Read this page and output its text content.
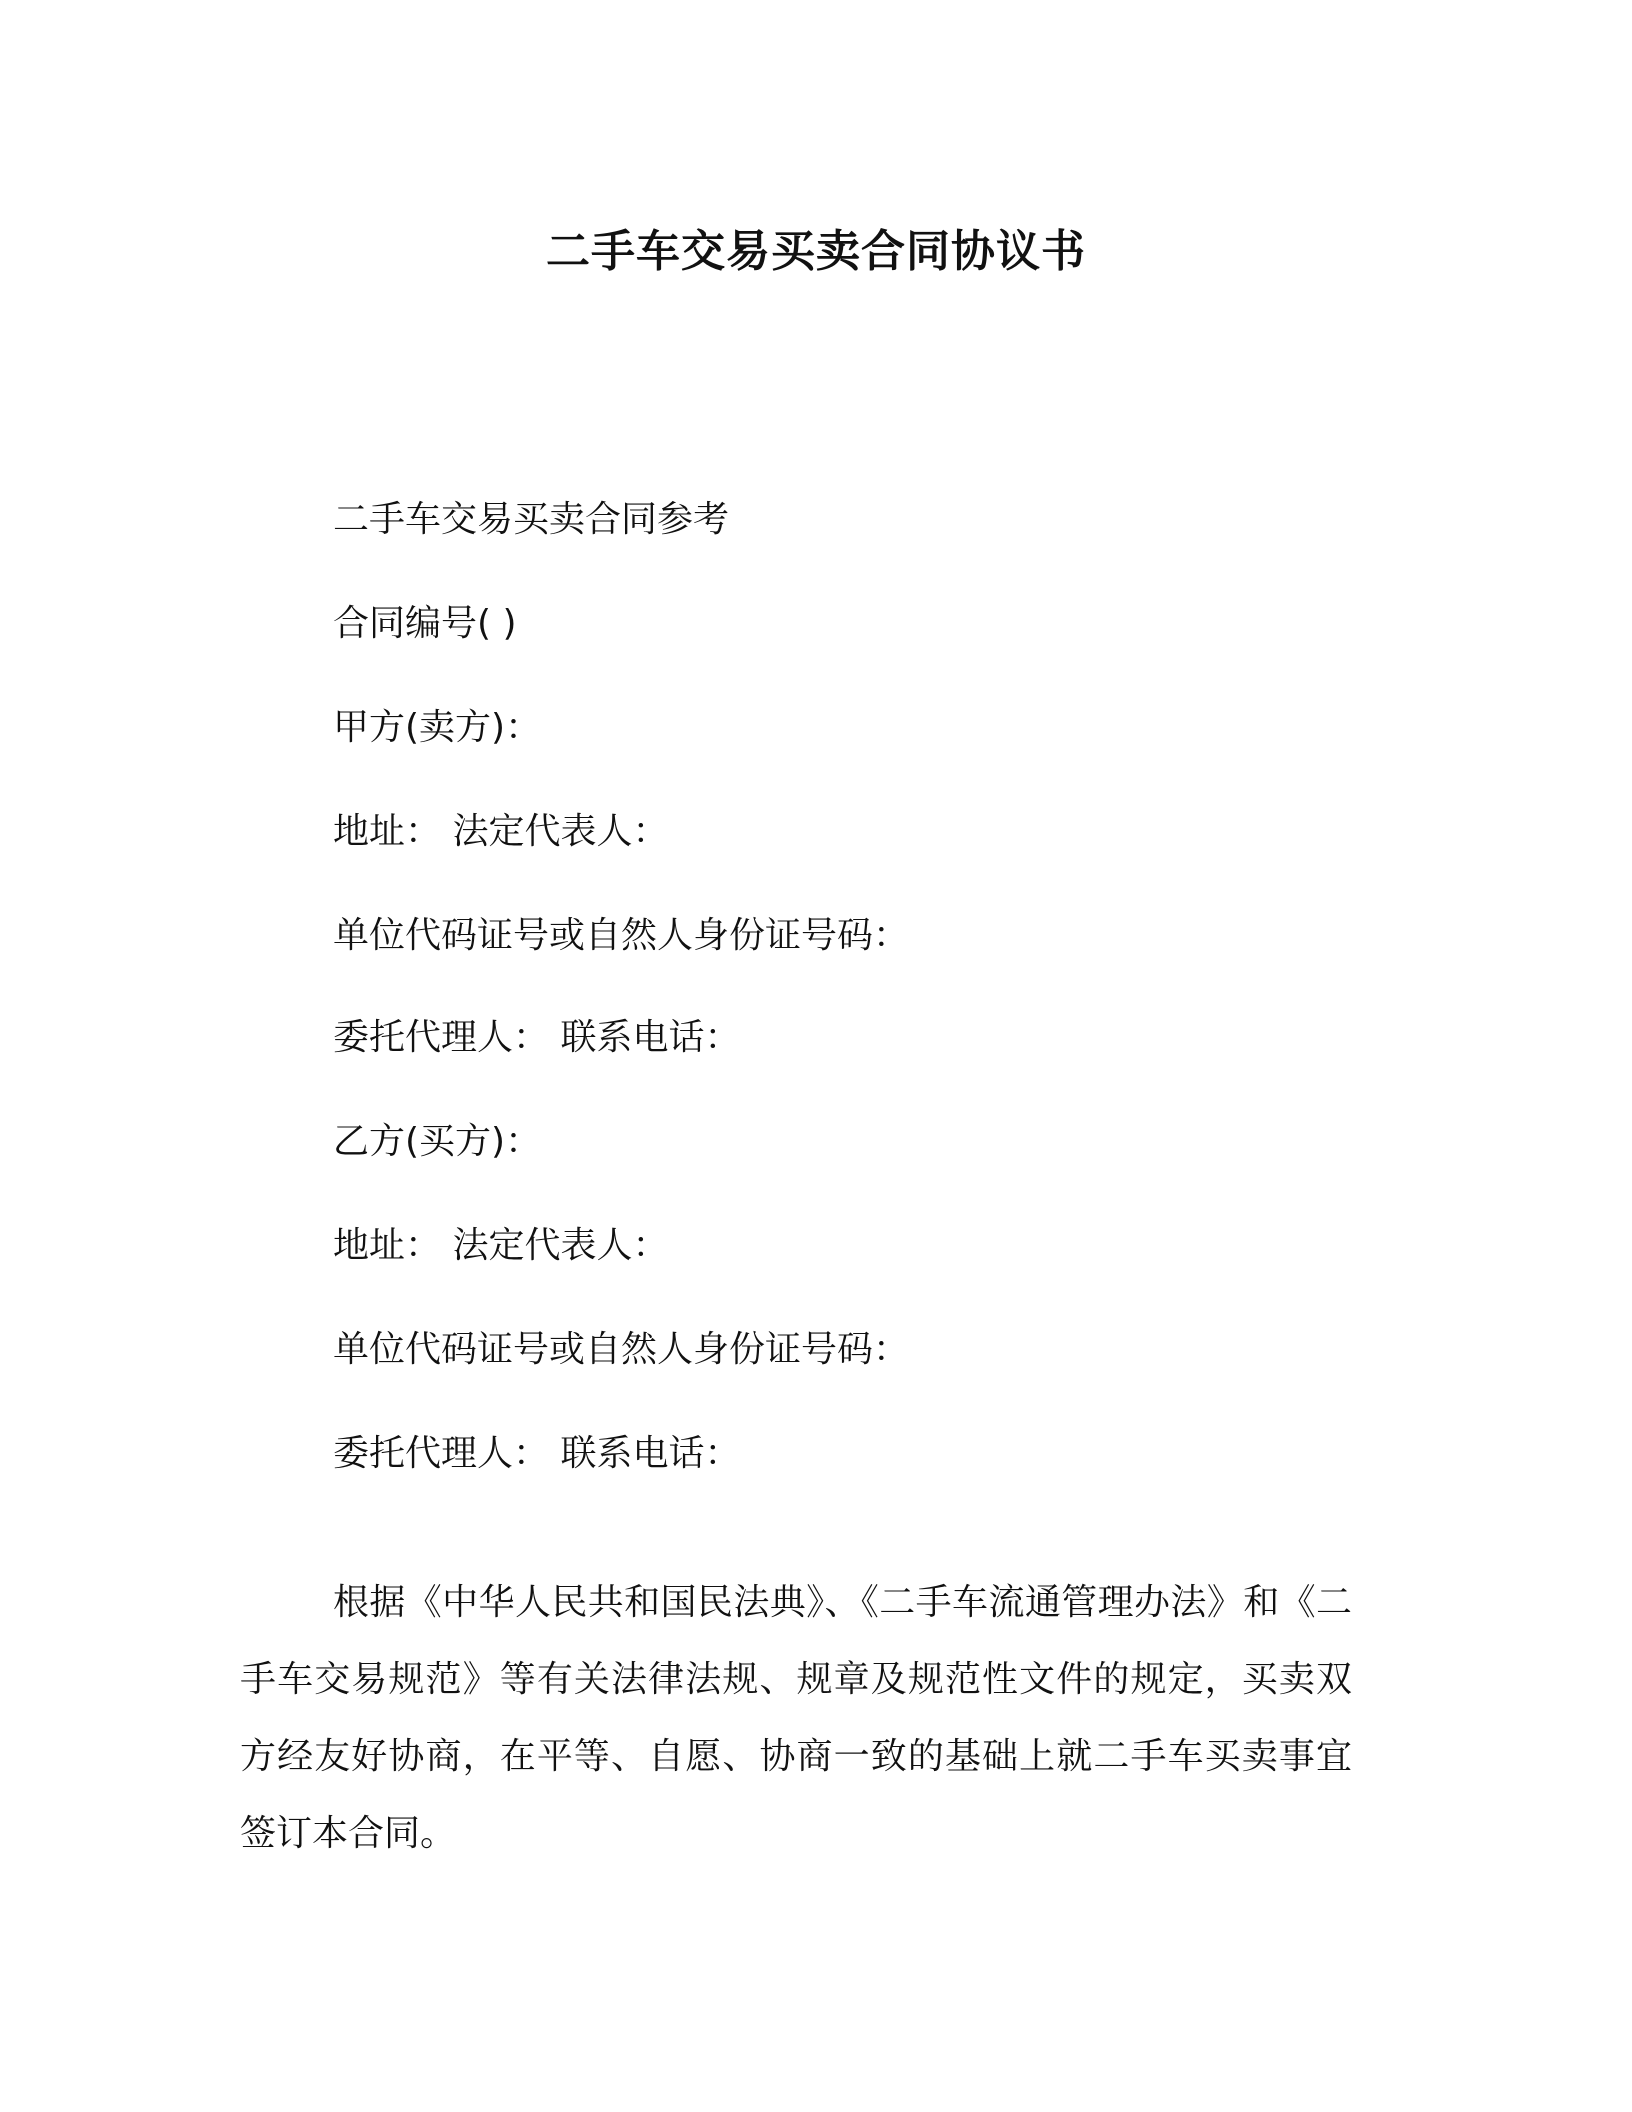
二手车交易买卖合同协议书
二手车交易买卖合同参考
合同编号( )
甲方(卖方)：
地址： 法定代表人：
单位代码证号或自然人身份证号码：
委托代理人： 联系电话：
乙方(买方)：
地址： 法定代表人：
单位代码证号或自然人身份证号码：
委托代理人： 联系电话：

根据《中华人民共和国民法典》、《二手车流通管理办法》和《二手车交易规范》等有关法律法规、规章及规范性文件的规定，买卖双方经友好协商，在平等、自愿、协商一致的基础上就二手车买卖事宜签订本合同。
